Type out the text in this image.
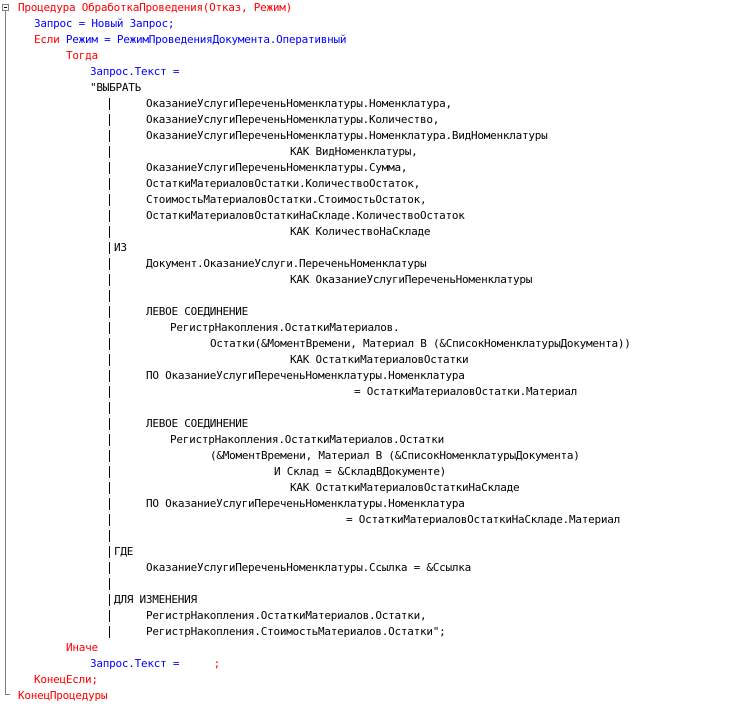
Процедура ОбработкаПроведения(Отказ, Режим)
Запрос = Новый Запрос;
Если Режим = РежимПроведенияДокумента.Оперативный
Тогда
Запрос.Текст =
"ВЫБРАТЬ
ОказаниеУслугиПереченьНоменклатуры.Номенклатура,
ОказаниеУслугиПереченьНоменклатуры.Количество,
ОказаниеУслугиПереченьНоменклатуры.Номенклатура.ВидНоменклатуры
КАК ВидНоменклатуры,
ОказаниеУслугиПереченьНоменклатуры.Сумма,
ОстаткиМатериаловОстатки.КоличествоОстаток,
СтоимостьМатериаловОстатки.СтоимостьОстаток,
ОстаткиМатериаловОстаткиНаСкладе.КоличествоОстаток
КАК КоличествоНаСкладе
ИЗ
Документ.ОказаниеУслуги.ПереченьНоменклатуры
КАК ОказаниеУслугиПереченьНоменклатуры
ЛЕВОЕ СОЕДИНЕНИЕ
РегистрНакопления.ОстаткиМатериалов.
Остатки(&МоментВремени, Материал В (&СписокНоменклатурыДокумента))
КАК ОстаткиМатериаловОстатки
ПО ОказаниеУслугиПереченьНоменклатуры.Номенклатура
= ОстаткиМатериаловОстатки.Материал
ЛЕВОЕ СОЕДИНЕНИЕ
РегистрНакопления.ОстаткиМатериалов.Остатки
(&МоментВремени, Материал В (&СписокНоменклатурыДокумента)
И Склад = &СкладВДокументе)
КАК ОстаткиМатериаловОстаткиНаСкладе
ПО ОказаниеУслугиПереченьНоменклатуры.Номенклатура
= ОстаткиМатериаловОстаткиНаСкладе.Материал
ГДЕ
ОказаниеУслугиПереченьНоменклатуры.Ссылка = &Ссылка
ДЛЯ ИЗМЕНЕНИЯ
РегистрНакопления.ОстаткиМатериалов.Остатки,
РегистрНакопления.СтоимостьМатериалов.Остатки";
Иначе
Запрос.Текст =	;
КонецЕсли;
КонецПроцедуры
